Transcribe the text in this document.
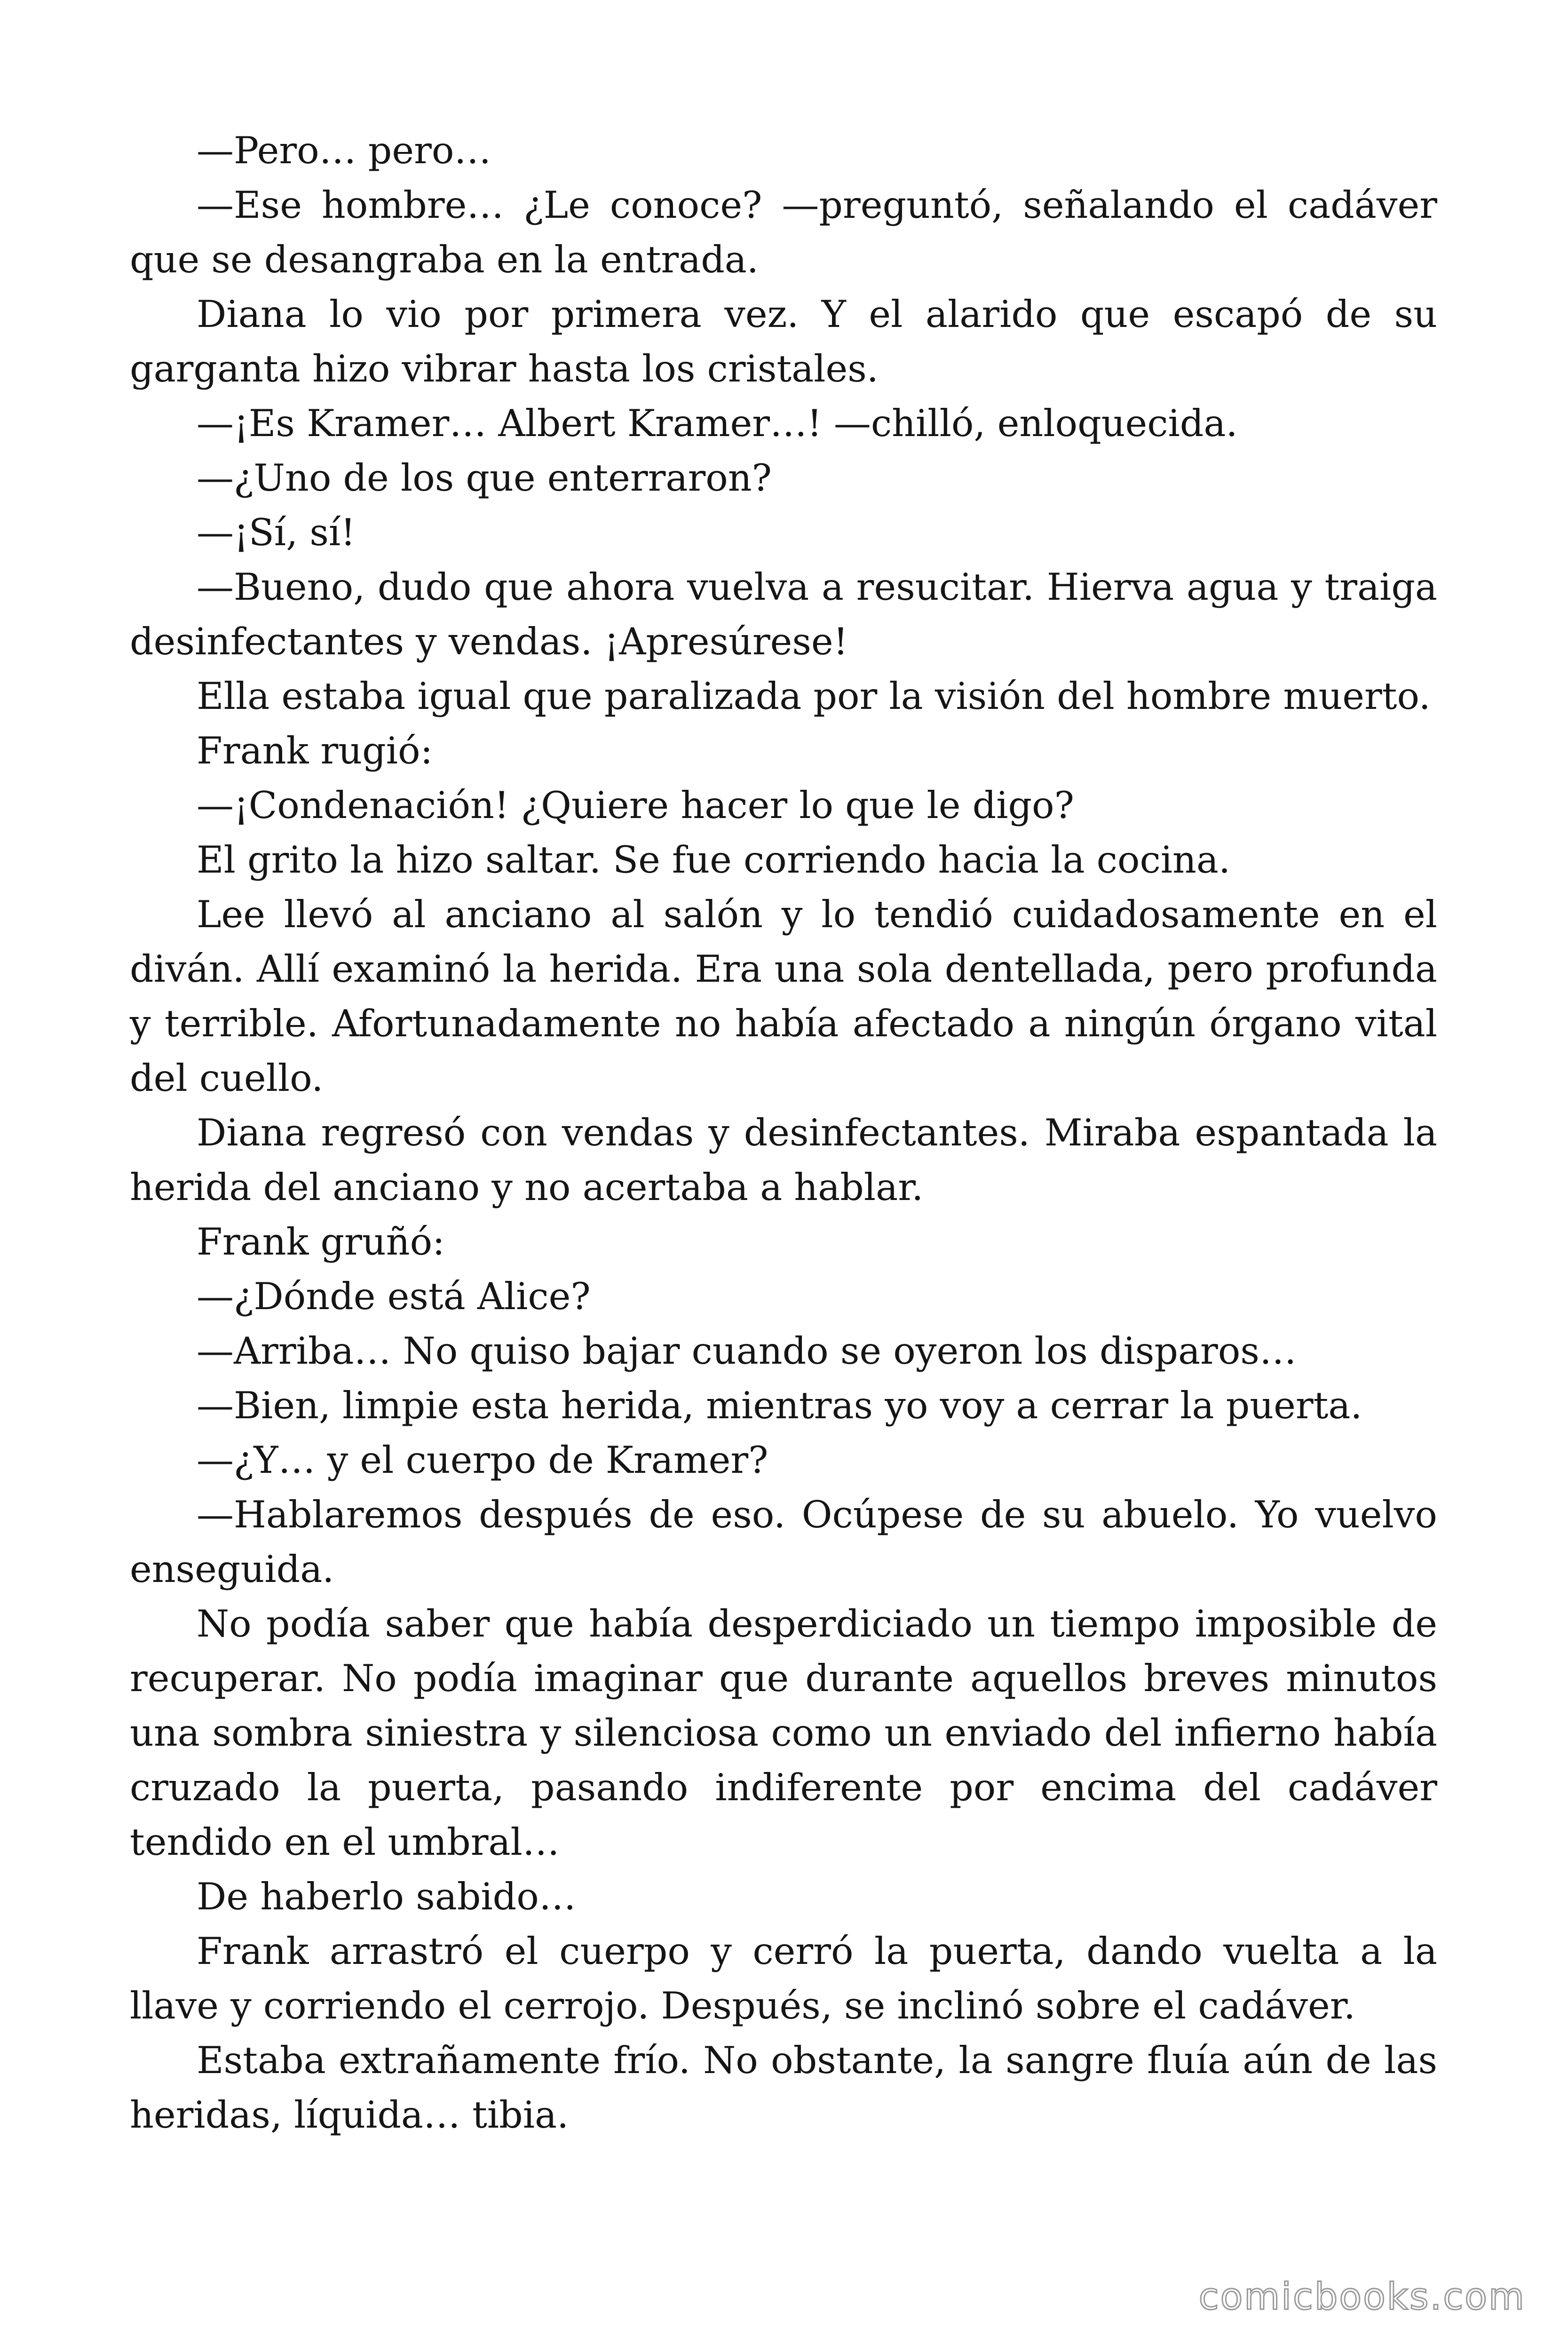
—Pero… pero…

—Ese hombre… ¿Le conoce? —preguntó, señalando el cadáver que se desangraba en la entrada.

Diana lo vio por primera vez. Y el alarido que escapó de su garganta hizo vibrar hasta los cristales.

—¡Es Kramer… Albert Kramer…! —chilló, enloquecida.

—¿Uno de los que enterraron?

—¡Sí, sí!

—Bueno, dudo que ahora vuelva a resucitar. Hierva agua y traiga desinfectantes y vendas. ¡Apresúrese!

Ella estaba igual que paralizada por la visión del hombre muerto.

Frank rugió:

—¡Condenación! ¿Quiere hacer lo que le digo?

El grito la hizo saltar. Se fue corriendo hacia la cocina.

Lee llevó al anciano al salón y lo tendió cuidadosamente en el diván. Allí examinó la herida. Era una sola dentellada, pero profunda y terrible. Afortunadamente no había afectado a ningún órgano vital del cuello.

Diana regresó con vendas y desinfectantes. Miraba espantada la herida del anciano y no acertaba a hablar.

Frank gruñó:

—¿Dónde está Alice?

—Arriba… No quiso bajar cuando se oyeron los disparos…

—Bien, limpie esta herida, mientras yo voy a cerrar la puerta.

—¿Y… y el cuerpo de Kramer?

—Hablaremos después de eso. Ocúpese de su abuelo. Yo vuelvo enseguida.

No podía saber que había desperdiciado un tiempo imposible de recuperar. No podía imaginar que durante aquellos breves minutos una sombra siniestra y silenciosa como un enviado del infierno había cruzado la puerta, pasando indiferente por encima del cadáver tendido en el umbral…

De haberlo sabido…

Frank arrastró el cuerpo y cerró la puerta, dando vuelta a la llave y corriendo el cerrojo. Después, se inclinó sobre el cadáver.

Estaba extrañamente frío. No obstante, la sangre fluía aún de las heridas, líquida… tibia.

comicbooks.com
